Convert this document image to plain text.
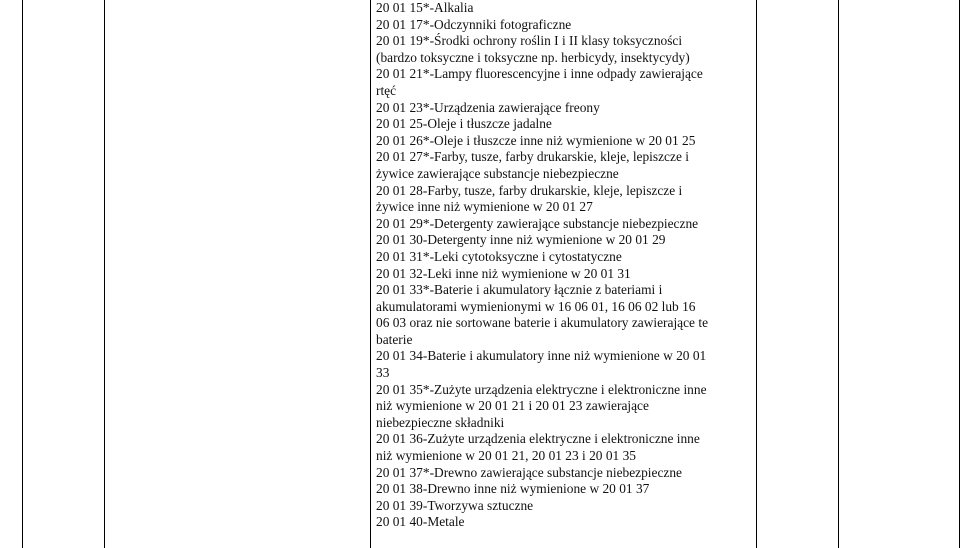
20 01 15*-Alkalia
20 01 17*-Odczynniki fotograficzne
20 01 19*-Środki ochrony roślin I i II klasy toksyczności
(bardzo toksyczne i toksyczne np. herbicydy, insektycydy)
20 01 21*-Lampy fluorescencyjne i inne odpady zawierające
rtęć
20 01 23*-Urządzenia zawierające freony
20 01 25-Oleje i tłuszcze jadalne
20 01 26*-Oleje i tłuszcze inne niż wymienione w 20 01 25
20 01 27*-Farby, tusze, farby drukarskie, kleje, lepiszcze i
żywice zawierające substancje niebezpieczne
20 01 28-Farby, tusze, farby drukarskie, kleje, lepiszcze i
żywice inne niż wymienione w 20 01 27
20 01 29*-Detergenty zawierające substancje niebezpieczne
20 01 30-Detergenty inne niż wymienione w 20 01 29
20 01 31*-Leki cytotoksyczne i cytostatyczne
20 01 32-Leki inne niż wymienione w 20 01 31
20 01 33*-Baterie i akumulatory łącznie z bateriami i
akumulatorami wymienionymi w 16 06 01, 16 06 02 lub 16
06 03 oraz nie sortowane baterie i akumulatory zawierające te
baterie
20 01 34-Baterie i akumulatory inne niż wymienione w 20 01
33
20 01 35*-Zużyte urządzenia elektryczne i elektroniczne inne
niż wymienione w 20 01 21 i 20 01 23 zawierające
niebezpieczne składniki
20 01 36-Zużyte urządzenia elektryczne i elektroniczne inne
niż wymienione w 20 01 21, 20 01 23 i 20 01 35
20 01 37*-Drewno zawierające substancje niebezpieczne
20 01 38-Drewno inne niż wymienione w 20 01 37
20 01 39-Tworzywa sztuczne
20 01 40-Metale
